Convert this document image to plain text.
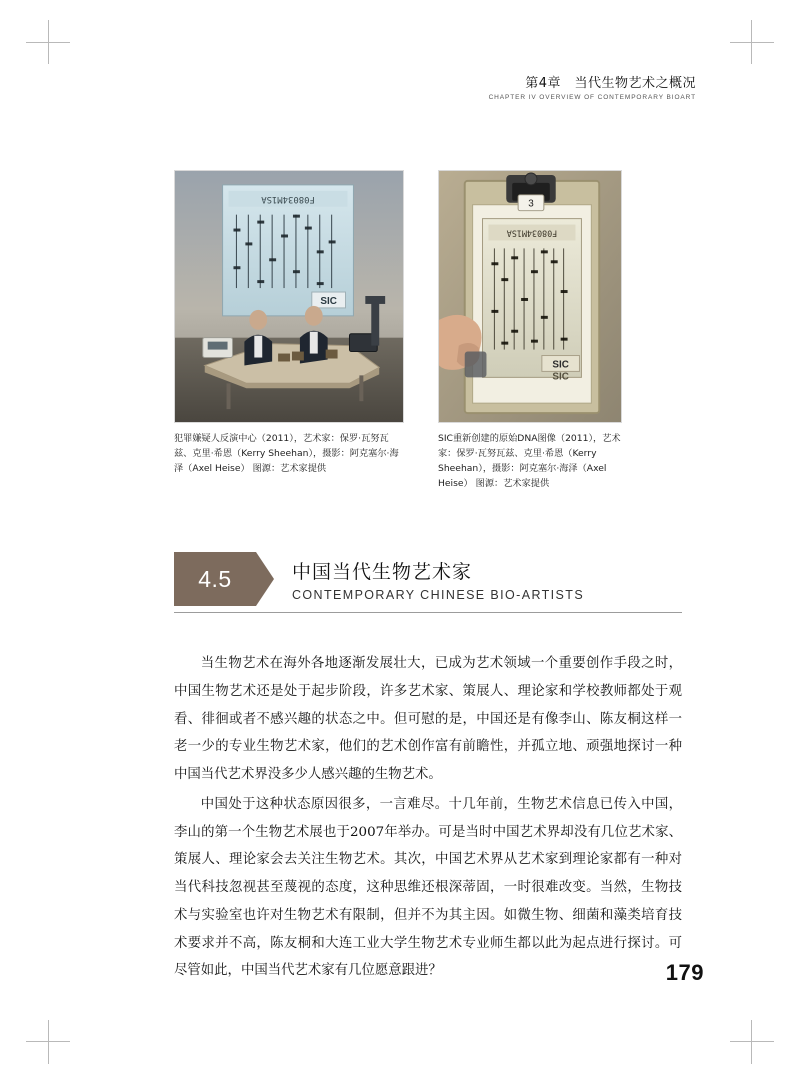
第4章　当代生物艺术之概况
CHAPTER IV OVERVIEW OF CONTEMPORARY BIOART
F08034M1SA
SIC
犯罪嫌疑人反演中心（2011），艺术家：保罗·瓦努瓦兹、克里·希恩（Kerry Sheehan），摄影：阿克塞尔·海泽（Axel Heise） 图源：艺术家提供
3
F08034M1SA
SIC
SIC
SIC重新创建的原始DNA图像（2011），艺术家：保罗·瓦努瓦兹、克里·希恩（Kerry Sheehan），摄影：阿克塞尔·海泽（Axel Heise） 图源：艺术家提供
4.5	中国当代生物艺术家
CONTEMPORARY CHINESE BIO-ARTISTS

当生物艺术在海外各地逐渐发展壮大，已成为艺术领域一个重要创作手段之时，中国生物艺术还是处于起步阶段，许多艺术家、策展人、理论家和学校教师都处于观看、徘徊或者不感兴趣的状态之中。但可慰的是，中国还是有像李山、陈友桐这样一老一少的专业生物艺术家，他们的艺术创作富有前瞻性，并孤立地、顽强地探讨一种中国当代艺术界没多少人感兴趣的生物艺术。

中国处于这种状态原因很多，一言难尽。十几年前，生物艺术信息已传入中国，李山的第一个生物艺术展也于2007年举办。可是当时中国艺术界却没有几位艺术家、策展人、理论家会去关注生物艺术。其次，中国艺术界从艺术家到理论家都有一种对当代科技忽视甚至蔑视的态度，这种思维还根深蒂固，一时很难改变。当然，生物技术与实验室也许对生物艺术有限制，但并不为其主因。如微生物、细菌和藻类培育技术要求并不高，陈友桐和大连工业大学生物艺术专业师生都以此为起点进行探讨。可尽管如此，中国当代艺术家有几位愿意跟进？	179
